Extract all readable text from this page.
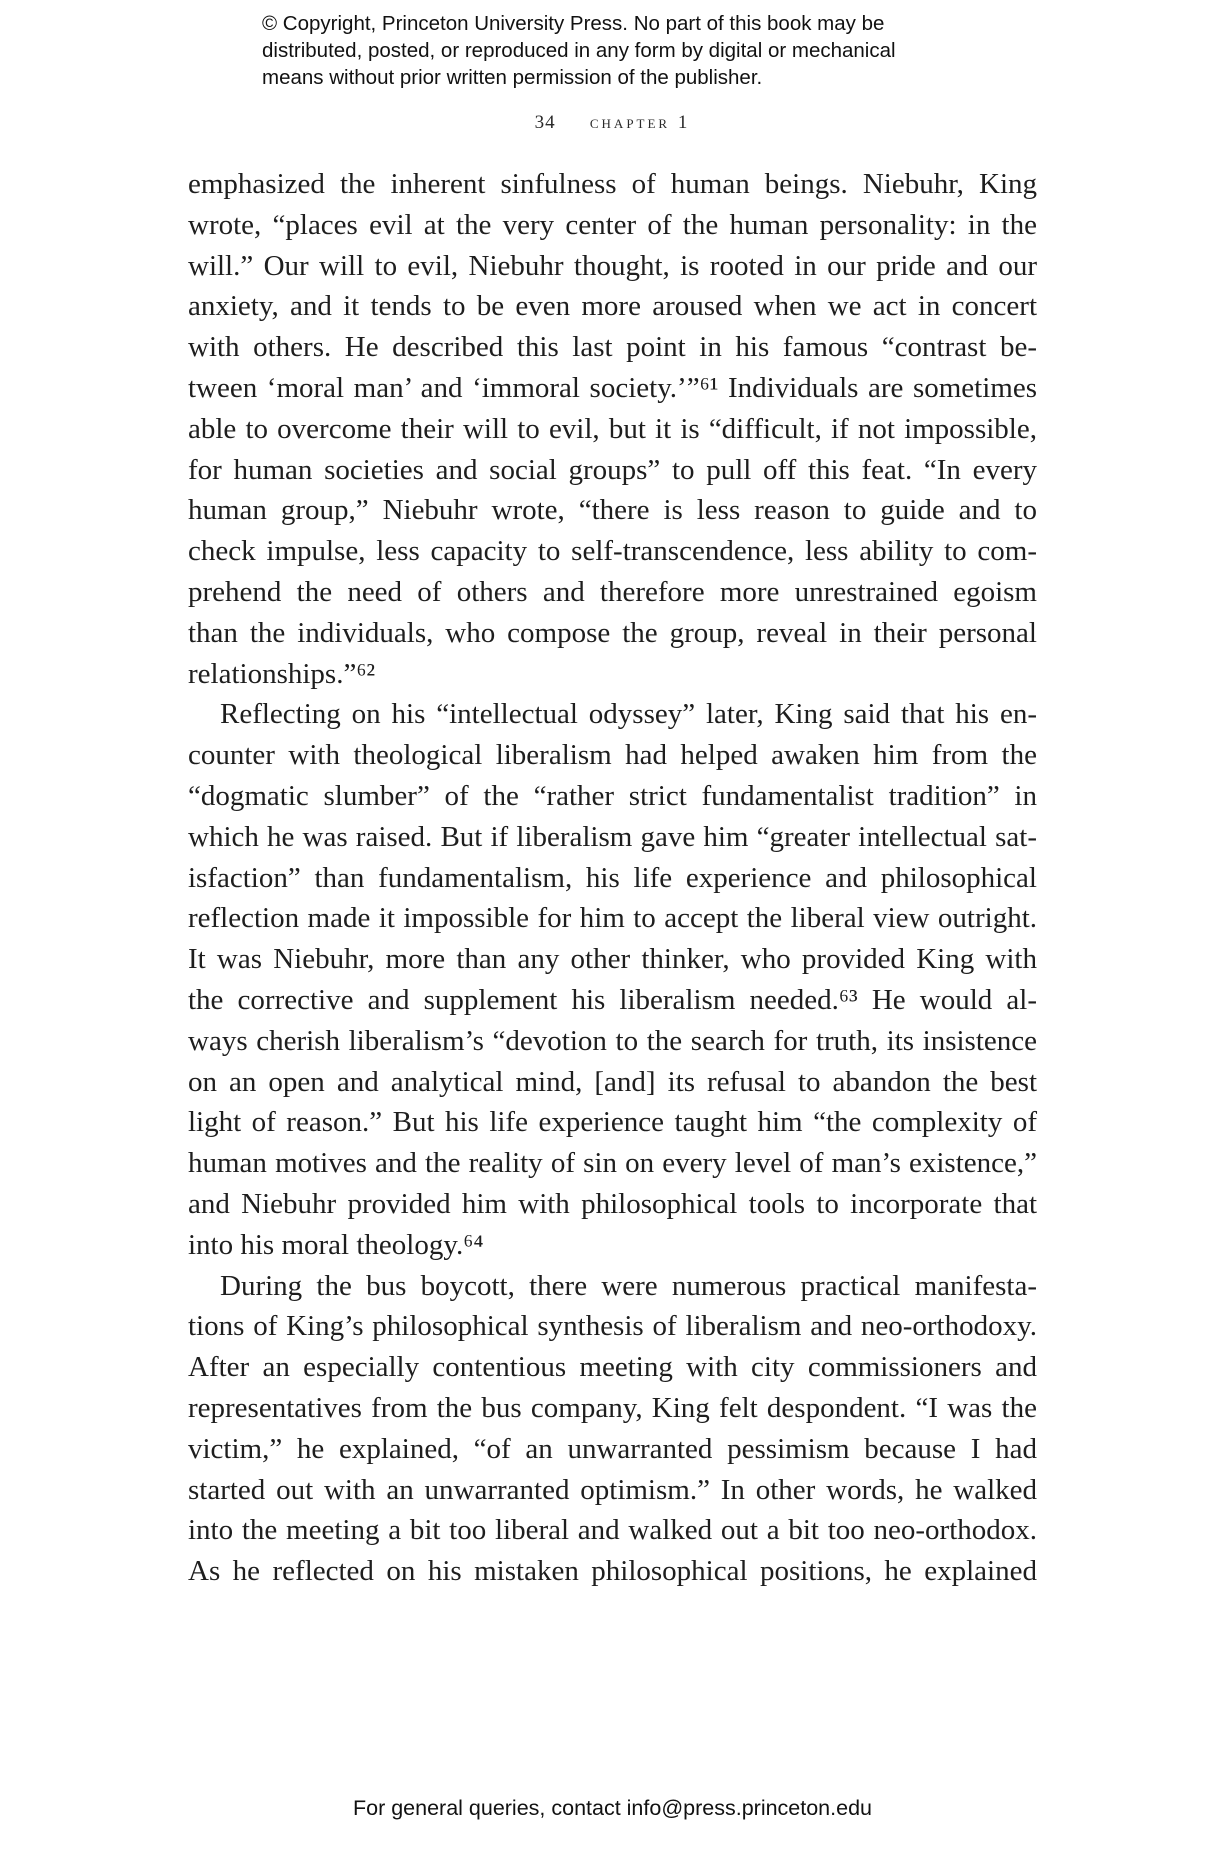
© Copyright, Princeton University Press. No part of this book may be
distributed, posted, or reproduced in any form by digital or mechanical
means without prior written permission of the publisher.
34 chapter 1
emphasized the inherent sinfulness of human beings. Niebuhr, King
wrote, “places evil at the very center of the human personality: in the
will.” Our will to evil, Niebuhr thought, is rooted in our pride and our
anxiety, and it tends to be even more aroused when we act in concert
with others. He described this last point in his famous “contrast be-
tween ‘moral man’ and ‘immoral society.’”⁶¹ Individuals are sometimes
able to overcome their will to evil, but it is “difficult, if not impossible,
for human societies and social groups” to pull off this feat. “In every
human group,” Niebuhr wrote, “there is less reason to guide and to
check impulse, less capacity to self-transcendence, less ability to com-
prehend the need of others and therefore more unrestrained egoism
than the individuals, who compose the group, reveal in their personal
relationships.”⁶²
Reflecting on his “intellectual odyssey” later, King said that his en-
counter with theological liberalism had helped awaken him from the
“dogmatic slumber” of the “rather strict fundamentalist tradition” in
which he was raised. But if liberalism gave him “greater intellectual sat-
isfaction” than fundamentalism, his life experience and philosophical
reflection made it impossible for him to accept the liberal view outright.
It was Niebuhr, more than any other thinker, who provided King with
the corrective and supplement his liberalism needed.⁶³ He would al-
ways cherish liberalism’s “devotion to the search for truth, its insistence
on an open and analytical mind, [and] its refusal to abandon the best
light of reason.” But his life experience taught him “the complexity of
human motives and the reality of sin on every level of man’s existence,”
and Niebuhr provided him with philosophical tools to incorporate that
into his moral theology.⁶⁴
During the bus boycott, there were numerous practical manifesta-
tions of King’s philosophical synthesis of liberalism and neo-orthodoxy.
After an especially contentious meeting with city commissioners and
representatives from the bus company, King felt despondent. “I was the
victim,” he explained, “of an unwarranted pessimism because I had
started out with an unwarranted optimism.” In other words, he walked
into the meeting a bit too liberal and walked out a bit too neo-orthodox.
As he reflected on his mistaken philosophical positions, he explained
For general queries, contact info@press.princeton.edu
